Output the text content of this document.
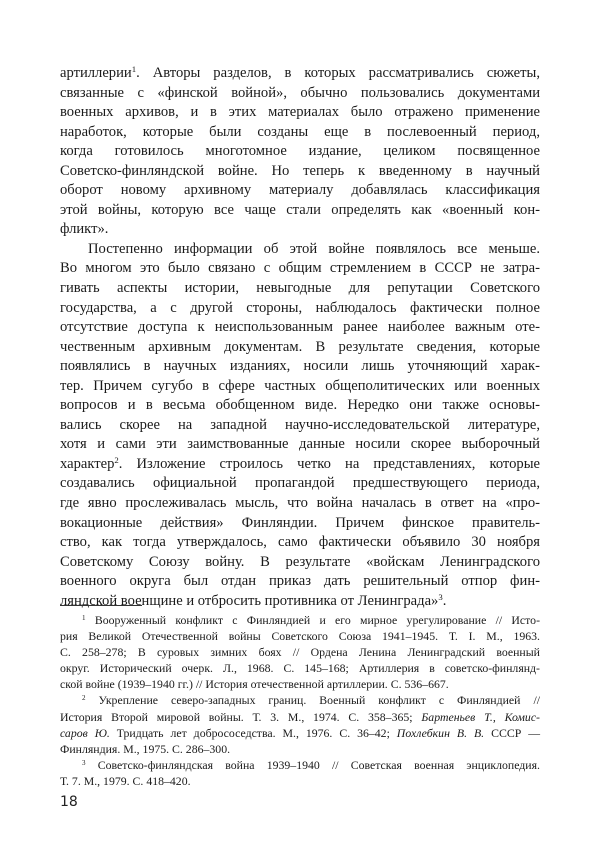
артиллерии$^1$. Авторы разделов, в которых рассматривались сюжеты,
связанные с «финской войной», обычно пользовались документами
военных архивов, и в этих материалах было отражено применение
наработок, которые были созданы еще в послевоенный период,
когда готовилось многотомное издание, целиком посвященное
Советско-финляндской войне. Но теперь к введенному в научный
оборот новому архивному материалу добавлялась классификация
этой войны, которую все чаще стали определять как «военный кон-
фликт».
Постепенно информации об этой войне появлялось все меньше.
Во многом это было связано с общим стремлением в СССР не затра-
гивать аспекты истории, невыгодные для репутации Советского
государства, а с другой стороны, наблюдалось фактически полное
отсутствие доступа к неиспользованным ранее наиболее важным оте-
чественным архивным документам. В результате сведения, которые
появлялись в научных изданиях, носили лишь уточняющий харак-
тер. Причем сугубо в сфере частных общеполитических или военных
вопросов и в весьма обобщенном виде. Нередко они также основы-
вались скорее на западной научно-исследовательской литературе,
хотя и сами эти заимствованные данные носили скорее выборочный
характер$^2$. Изложение строилось четко на представлениях, которые
создавались официальной пропагандой предшествующего периода,
где явно прослеживалась мысль, что война началась в ответ на «про-
вокационные действия» Финляндии. Причем финское правитель-
ство, как тогда утверждалось, само фактически объявило 30 ноября
Советскому Союзу войну. В результате «войскам Ленинградского
военного округа был отдан приказ дать решительный отпор фин-
ляндской военщине и отбросить противника от Ленинграда»$^3$.
$^1$ Вооруженный конфликт с Финляндией и его мирное урегулирование // Исто-
рия Великой Отечественной войны Советского Союза 1941–1945. Т. I. М., 1963.
С. 258–278; В суровых зимних боях // Ордена Ленина Ленинградский военный
округ. Исторический очерк. Л., 1968. С. 145–168; Артиллерия в советско-финлянд-
ской войне (1939–1940 гг.) // История отечественной артиллерии. С. 536–667.
$^2$ Укрепление северо-западных границ. Военный конфликт с Финляндией //
История Второй мировой войны. Т. 3. М., 1974. С. 358–365; Бартеньев Т., Комис-
саров Ю. Тридцать лет добрососедства. М., 1976. С. 36–42; Похлебкин В. В. СССР —
Финляндия. М., 1975. С. 286–300.
$^3$ Советско-финляндская война 1939–1940 // Советская военная энциклопедия.
Т. 7. М., 1979. С. 418–420.
18
